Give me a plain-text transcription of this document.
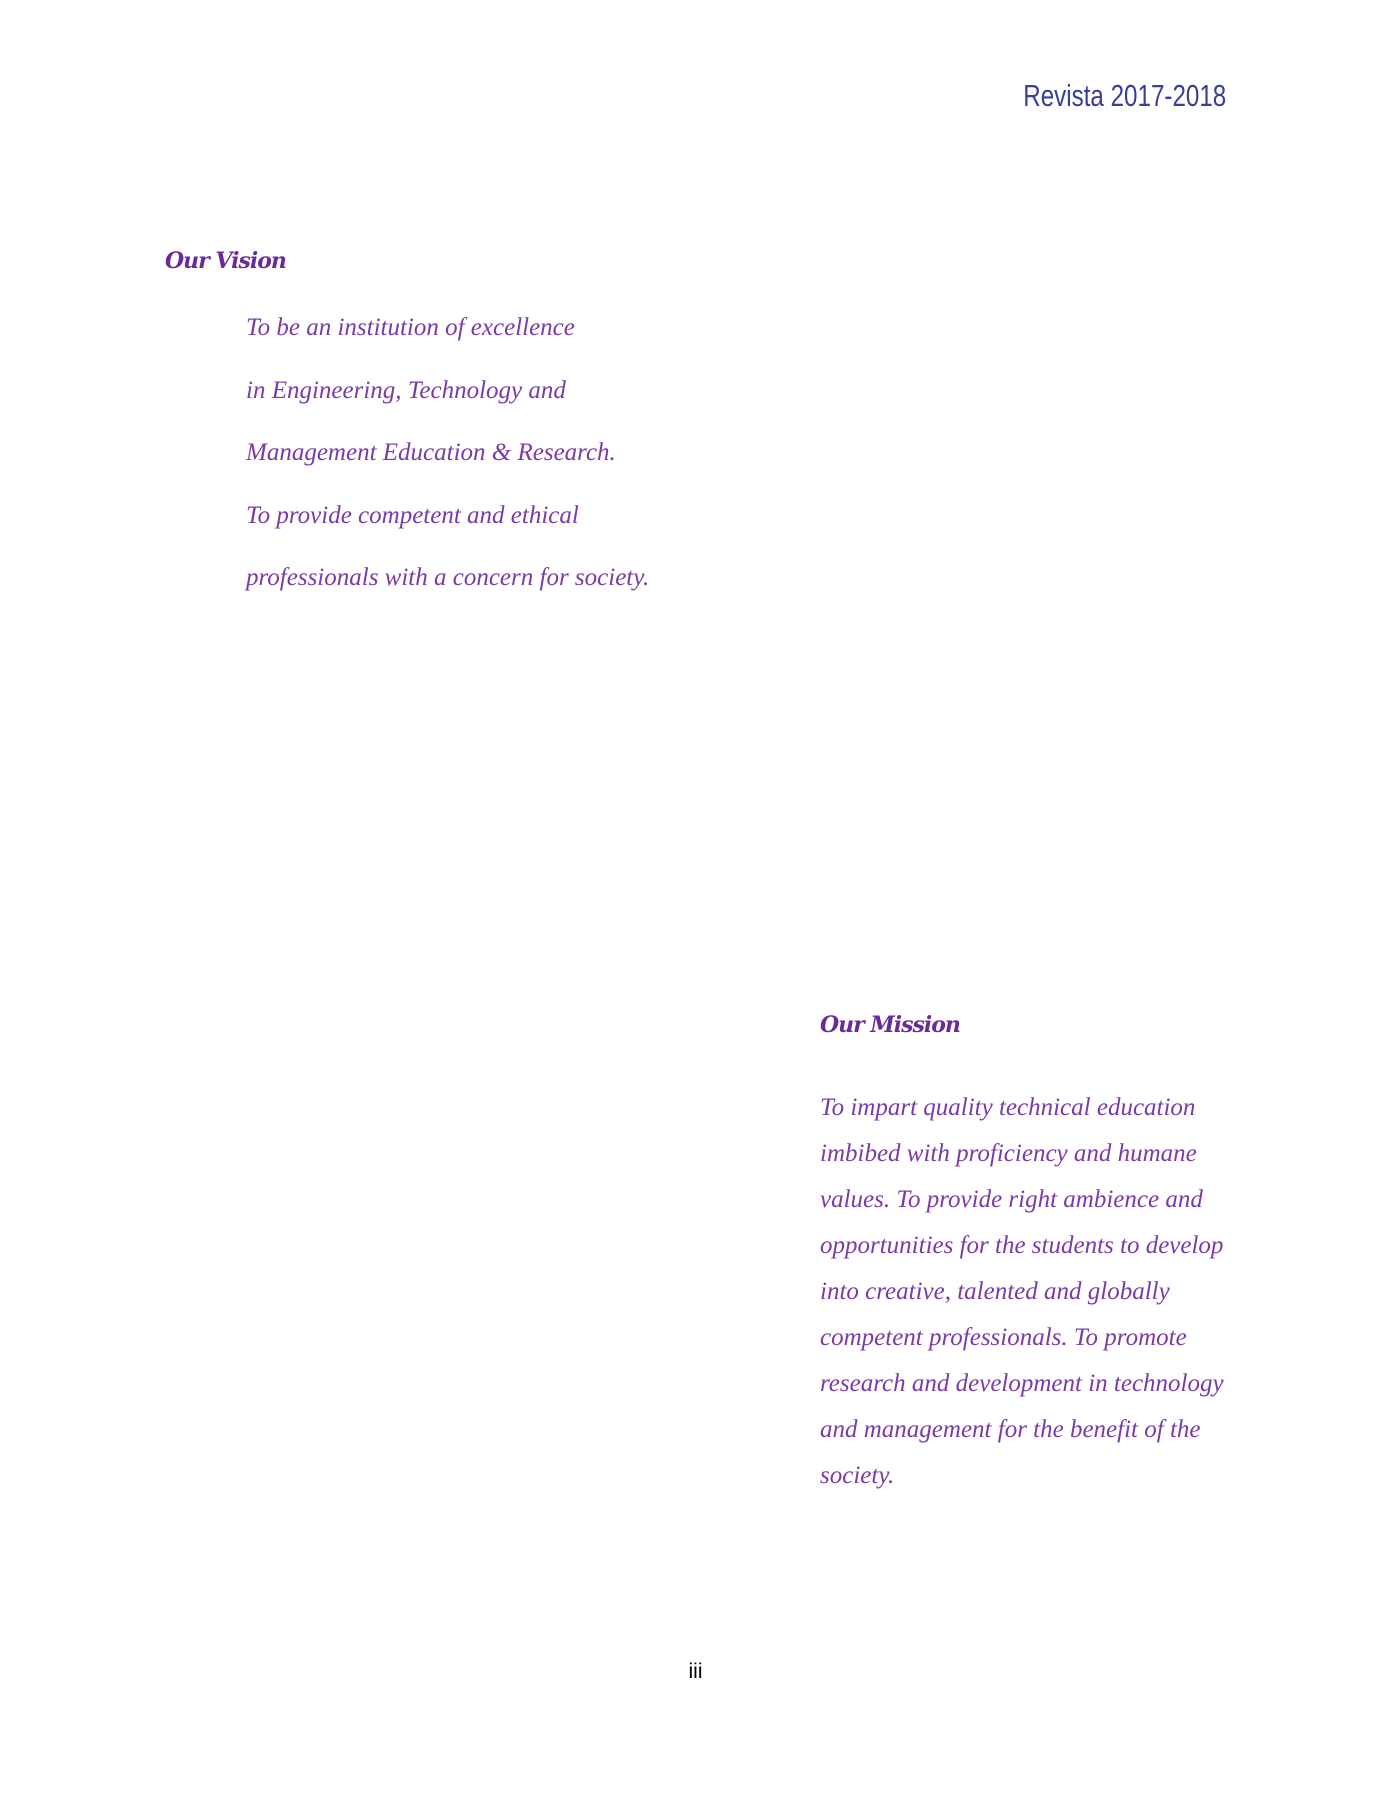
Revista 2017-2018
Our Vision
To be an institution of excellence
in Engineering, Technology and
Management Education & Research.
To provide competent and ethical
professionals with a concern for society.
Our Mission
To impart quality technical education
imbibed with proficiency and humane
values. To provide right ambience and
opportunities for the students to develop
into creative, talented and globally
competent professionals. To promote
research and development in technology
and management for the benefit of the
society.
iii
